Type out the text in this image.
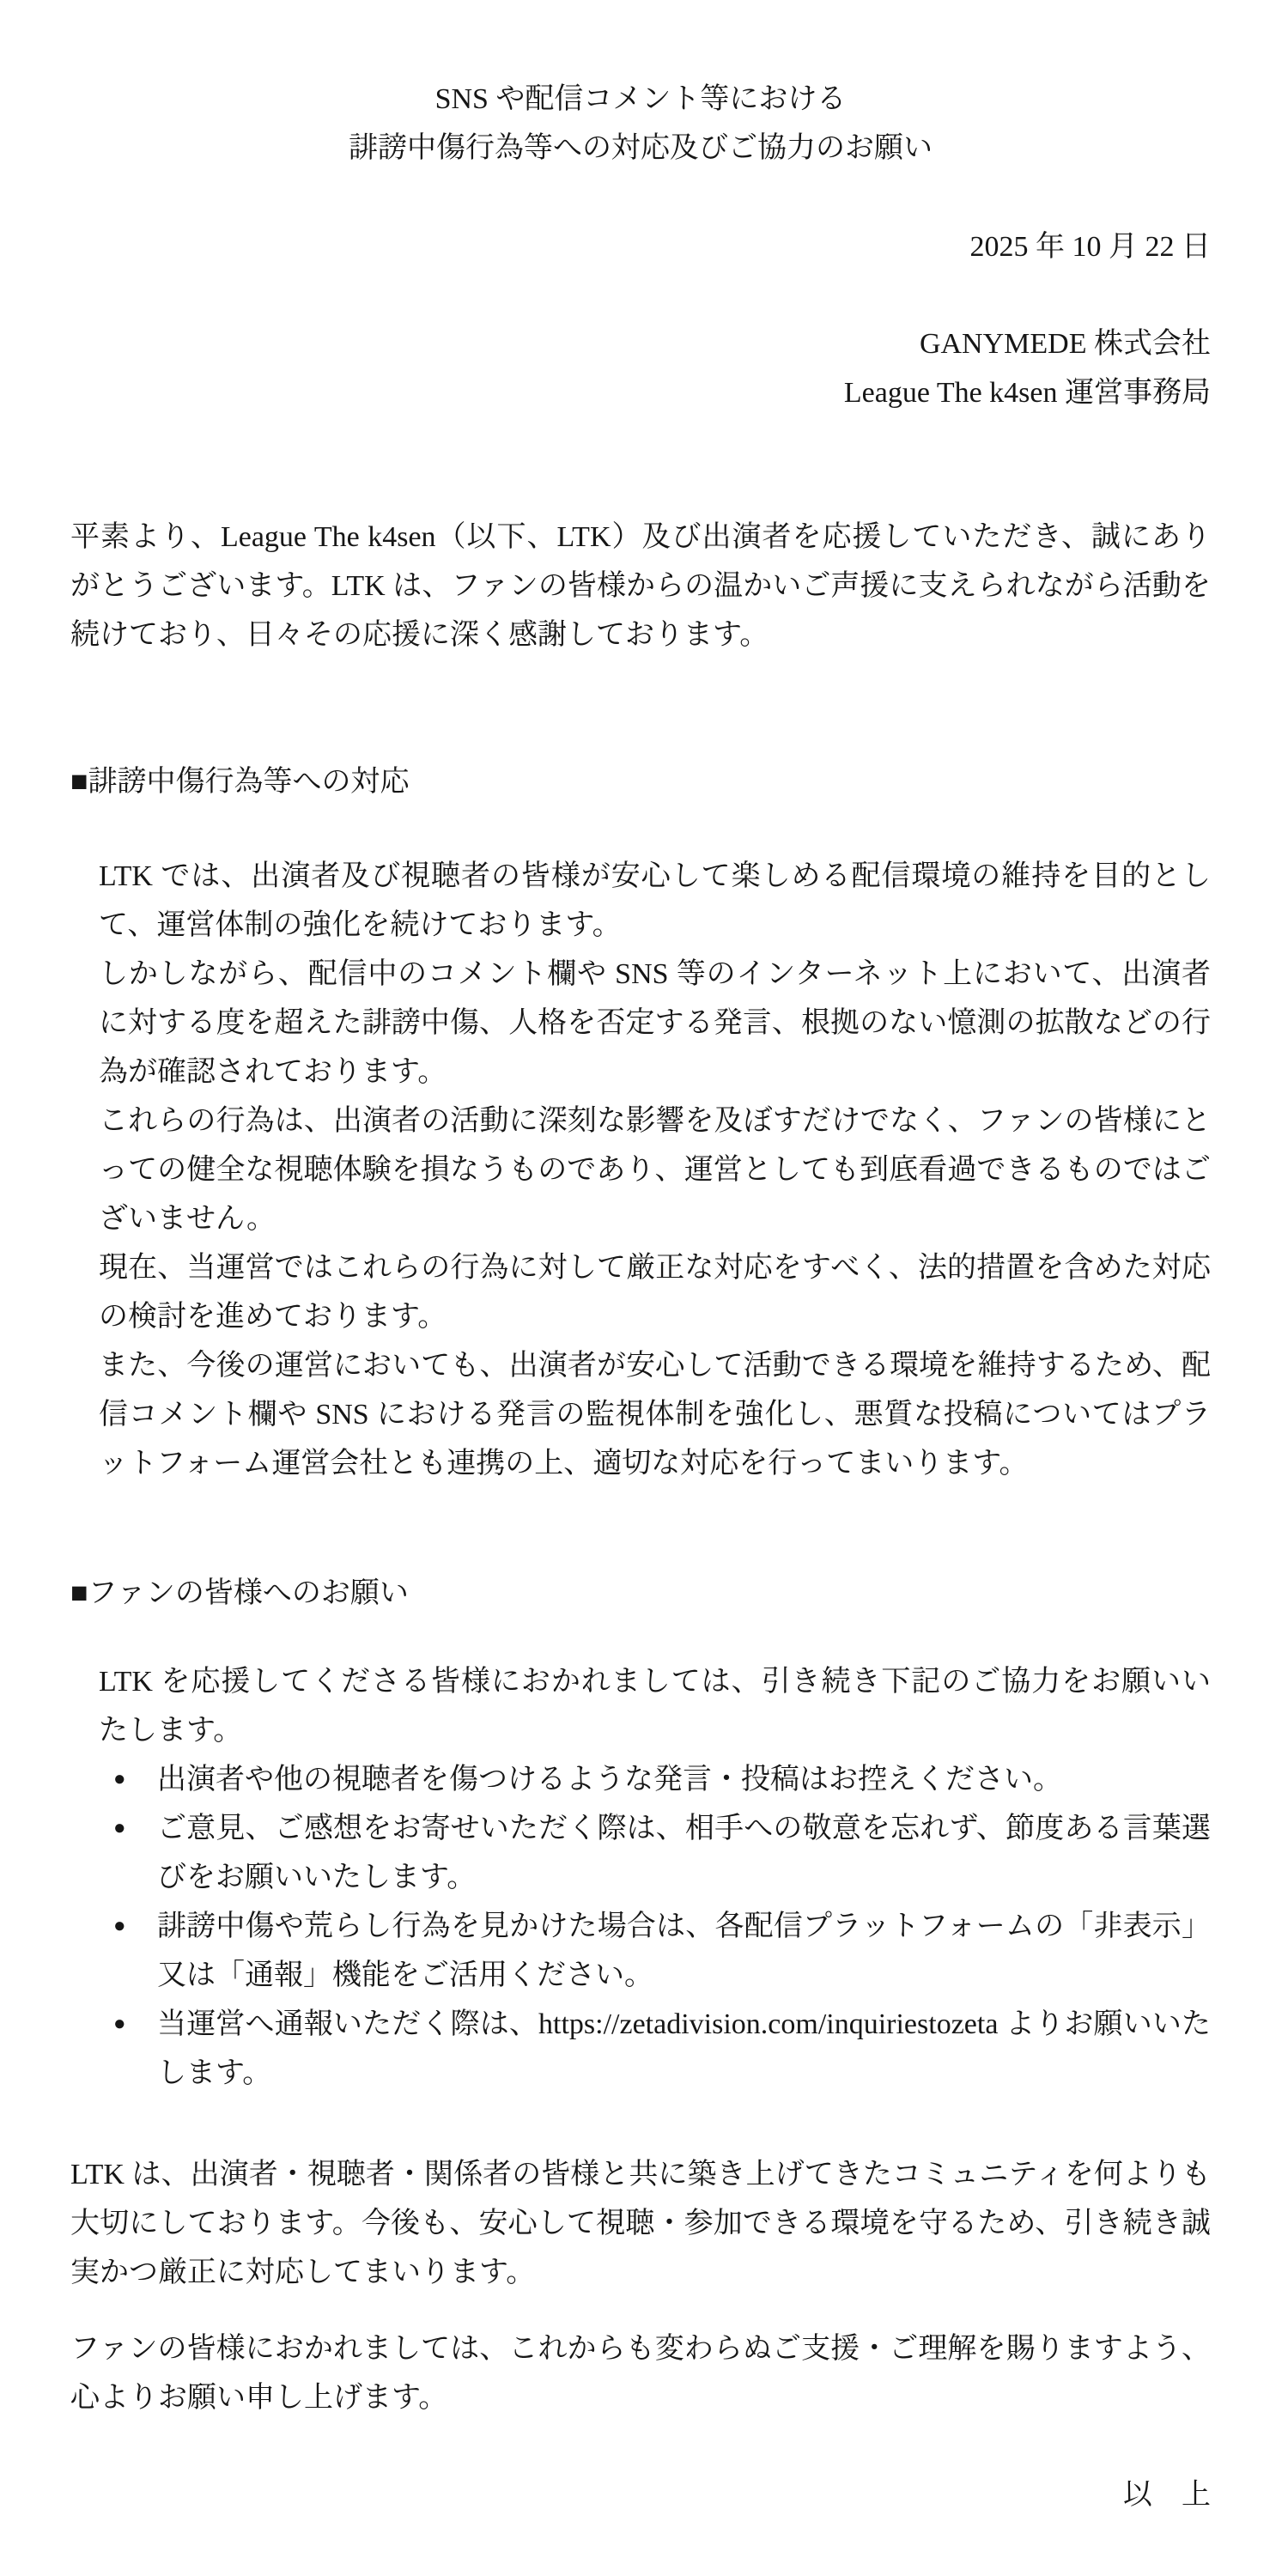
SNS や配信コメント等における
誹謗中傷行為等への対応及びご協力のお願い
2025 年 10 月 22 日
GANYMEDE 株式会社
League The k4sen 運営事務局

平素より、League The k4sen（以下、LTK）及び出演者を応援していただき、誠にありがとうございます。LTK は、ファンの皆様からの温かいご声援に支えられながら活動を続けており、日々その応援に深く感謝しております。

■誹謗中傷行為等への対応

LTK では、出演者及び視聴者の皆様が安心して楽しめる配信環境の維持を目的として、運営体制の強化を続けております。

しかしながら、配信中のコメント欄や SNS 等のインターネット上において、出演者に対する度を超えた誹謗中傷、人格を否定する発言、根拠のない憶測の拡散などの行為が確認されております。

これらの行為は、出演者の活動に深刻な影響を及ぼすだけでなく、ファンの皆様にとっての健全な視聴体験を損なうものであり、運営としても到底看過できるものではございません。

現在、当運営ではこれらの行為に対して厳正な対応をすべく、法的措置を含めた対応の検討を進めております。

また、今後の運営においても、出演者が安心して活動できる環境を維持するため、配信コメント欄や SNS における発言の監視体制を強化し、悪質な投稿についてはプラットフォーム運営会社とも連携の上、適切な対応を行ってまいります。

■ファンの皆様へのお願い

LTK を応援してくださる皆様におかれましては、引き続き下記のご協力をお願いいたします。

●	出演者や他の視聴者を傷つけるような発言・投稿はお控えください。
●	ご意見、ご感想をお寄せいただく際は、相手への敬意を忘れず、節度ある言葉選びをお願いいたします。
●	誹謗中傷や荒らし行為を見かけた場合は、各配信プラットフォームの「非表示」又は「通報」機能をご活用ください。
●	当運営へ通報いただく際は、https://zetadivision.com/inquiriestozeta よりお願いいたします。

LTK は、出演者・視聴者・関係者の皆様と共に築き上げてきたコミュニティを何よりも大切にしております。今後も、安心して視聴・参加できる環境を守るため、引き続き誠実かつ厳正に対応してまいります。

ファンの皆様におかれましては、これからも変わらぬご支援・ご理解を賜りますよう、心よりお願い申し上げます。

以　上
